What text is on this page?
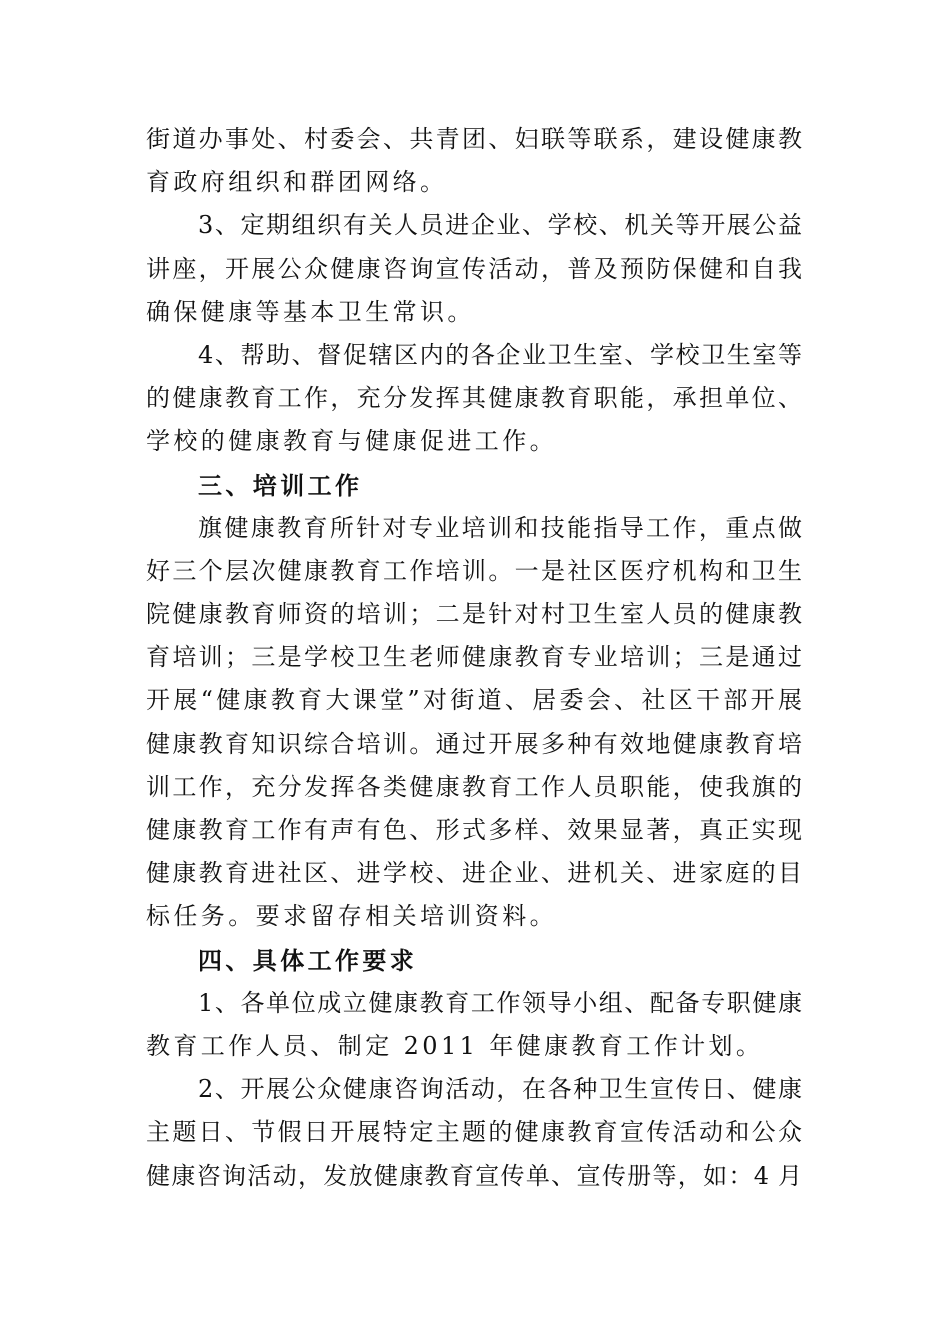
街道办事处、村委会、共青团、妇联等联系，建设健康教
育政府组织和群团网络。
3、定期组织有关人员进企业、学校、机关等开展公益
讲座，开展公众健康咨询宣传活动，普及预防保健和自我
确保健康等基本卫生常识。
4、帮助、督促辖区内的各企业卫生室、学校卫生室等
的健康教育工作，充分发挥其健康教育职能，承担单位、
学校的健康教育与健康促进工作。
三、培训工作
旗健康教育所针对专业培训和技能指导工作，重点做
好三个层次健康教育工作培训。一是社区医疗机构和卫生
院健康教育师资的培训；二是针对村卫生室人员的健康教
育培训；三是学校卫生老师健康教育专业培训；三是通过
开展“健康教育大课堂”对街道、居委会、社区干部开展
健康教育知识综合培训。通过开展多种有效地健康教育培
训工作，充分发挥各类健康教育工作人员职能，使我旗的
健康教育工作有声有色、形式多样、效果显著，真正实现
健康教育进社区、进学校、进企业、进机关、进家庭的目
标任务。要求留存相关培训资料。
四、具体工作要求
1、各单位成立健康教育工作领导小组、配备专职健康
教育工作人员、制定 2011 年健康教育工作计划。
2、开展公众健康咨询活动，在各种卫生宣传日、健康
主题日、节假日开展特定主题的健康教育宣传活动和公众
健康咨询活动，发放健康教育宣传单、宣传册等，如：4 月
